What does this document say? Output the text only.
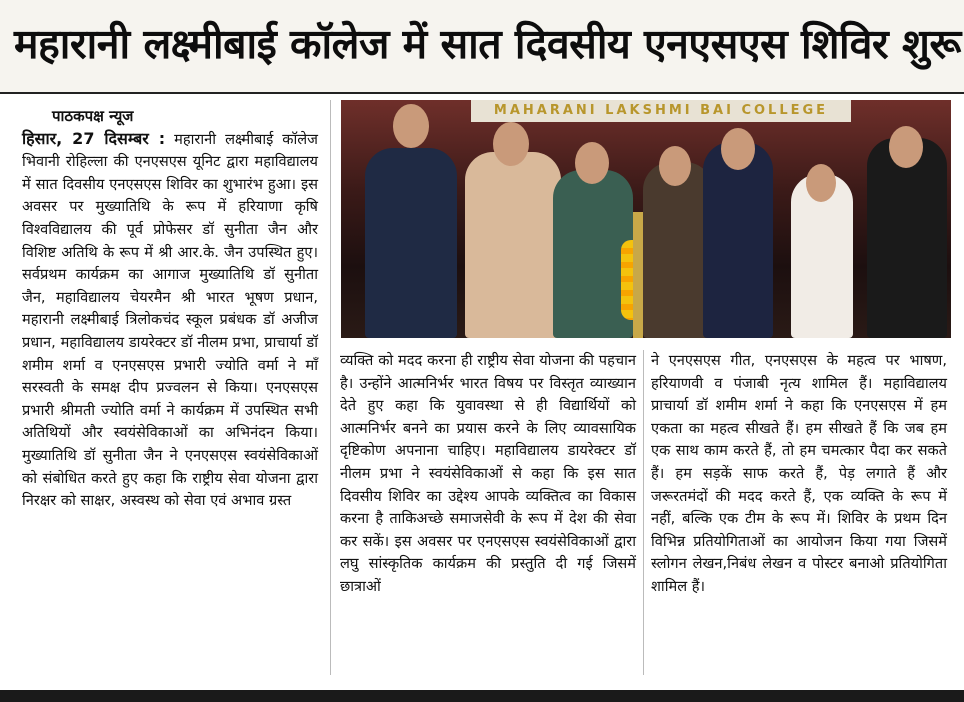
महारानी लक्ष्मीबाई कॉलेज में सात दिवसीय एनएसएस शिविर शुरू
पाठकपक्ष न्यूज
हिसार, 27 दिसम्बर : महारानी लक्ष्मीबाई कॉलेज भिवानी रोहिल्ला की एनएसएस यूनिट द्वारा महाविद्यालय में सात दिवसीय एनएसएस शिविर का शुभारंभ हुआ। इस अवसर पर मुख्यातिथि के रूप में हरियाणा कृषि विश्वविद्यालय की पूर्व प्रोफेसर डॉ सुनीता जैन और विशिष्ट अतिथि के रूप में श्री आर.के. जैन उपस्थित हुए। सर्वप्रथम कार्यक्रम का आगाज मुख्यातिथि डॉ सुनीता जैन, महाविद्यालय चेयरमैन श्री भारत भूषण प्रधान, महारानी लक्ष्मीबाई त्रिलोकचंद स्कूल प्रबंधक डॉ अजीज प्रधान, महाविद्यालय डायरेक्टर डॉ नीलम प्रभा, प्राचार्या डॉ शमीम शर्मा व एनएसएस प्रभारी ज्योति वर्मा ने माँ सरस्वती के समक्ष दीप प्रज्वलन से किया। एनएसएस प्रभारी श्रीमती ज्योति वर्मा ने कार्यक्रम में उपस्थित सभी अतिथियों और स्वयंसेविकाओं का अभिनंदन किया। मुख्यातिथि डॉ सुनीता जैन ने एनएसएस स्वयंसेविकाओं को संबोधित करते हुए कहा कि राष्ट्रीय सेवा योजना द्वारा निरक्षर को साक्षर, अस्वस्थ को सेवा एवं अभाव ग्रस्त
MAHARANI LAKSHMI BAI COLLEGE
व्यक्ति को मदद करना ही राष्ट्रीय सेवा योजना की पहचान है। उन्होंने आत्मनिर्भर भारत विषय पर विस्तृत व्याख्यान देते हुए कहा कि युवावस्था से ही विद्यार्थियों को आत्मनिर्भर बनने का प्रयास करने के लिए व्यावसायिक दृष्टिकोण अपनाना चाहिए। महाविद्यालय डायरेक्टर डॉ नीलम प्रभा ने स्वयंसेविकाओं से कहा कि इस सात दिवसीय शिविर का उद्देश्य आपके व्यक्तित्व का विकास करना है ताकिअच्छे समाजसेवी के रूप में देश की सेवा कर सकें। इस अवसर पर एनएसएस स्वयंसेविकाओं द्वारा लघु सांस्कृतिक कार्यक्रम की प्रस्तुति दी गई जिसमें छात्राओं
ने एनएसएस गीत, एनएसएस के महत्व पर भाषण, हरियाणवी व पंजाबी नृत्य शामिल हैं। महाविद्यालय प्राचार्या डॉ शमीम शर्मा ने कहा कि एनएसएस में हम एकता का महत्व सीखते हैं। हम सीखते हैं कि जब हम एक साथ काम करते हैं, तो हम चमत्कार पैदा कर सकते हैं। हम सड़कें साफ करते हैं, पेड़ लगाते हैं और जरूरतमंदों की मदद करते हैं, एक व्यक्ति के रूप में नहीं, बल्कि एक टीम के रूप में। शिविर के प्रथम दिन विभिन्न प्रतियोगिताओं का आयोजन किया गया जिसमें स्लोगन लेखन,निबंध लेखन व पोस्टर बनाओ प्रतियोगिता शामिल हैं।
